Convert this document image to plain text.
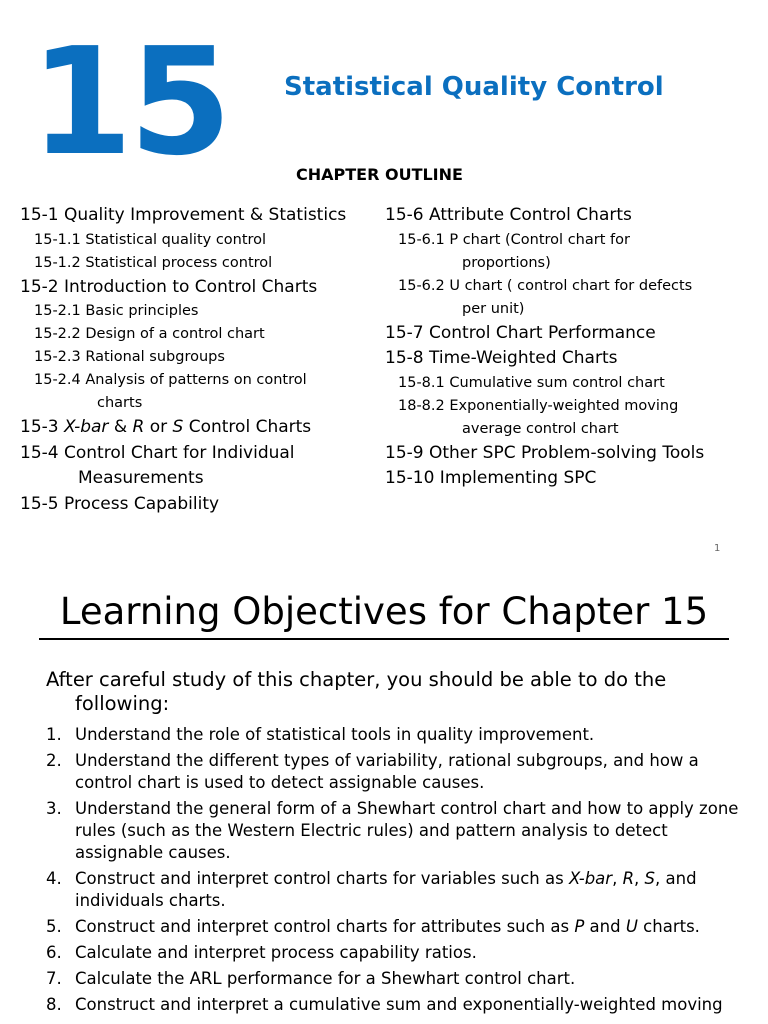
15 Statistical Quality Control
CHAPTER OUTLINE
15-1 Quality Improvement & Statistics
15-1.1 Statistical quality control
15-1.2 Statistical process control
15-2 Introduction to Control Charts
15-2.1 Basic principles
15-2.2 Design of a control chart
15-2.3 Rational subgroups
15-2.4 Analysis of patterns on control
charts
15-3 X-bar & R or S Control Charts
15-4 Control Chart for Individual
Measurements
15-5 Process Capability
15-6 Attribute Control Charts
15-6.1 P chart (Control chart for
proportions)
15-6.2 U chart ( control chart for defects
per unit)
15-7 Control Chart Performance
15-8 Time-Weighted Charts
15-8.1 Cumulative sum control chart
18-8.2 Exponentially-weighted moving
average control chart
15-9 Other SPC Problem-solving Tools
15-10 Implementing SPC
1
Learning Objectives for Chapter 15
After careful study of this chapter, you should be able to do the
following:
1. Understand the role of statistical tools in quality improvement.
2. Understand the different types of variability, rational subgroups, and how a control chart is used to detect assignable causes.
3. Understand the general form of a Shewhart control chart and how to apply zone rules (such as the Western Electric rules) and pattern analysis to detect assignable causes.
4. Construct and interpret control charts for variables such as X-bar, R, S, and individuals charts.
5. Construct and interpret control charts for attributes such as P and U charts.
6. Calculate and interpret process capability ratios.
7. Calculate the ARL performance for a Shewhart control chart.
8. Construct and interpret a cumulative sum and exponentially-weighted moving
